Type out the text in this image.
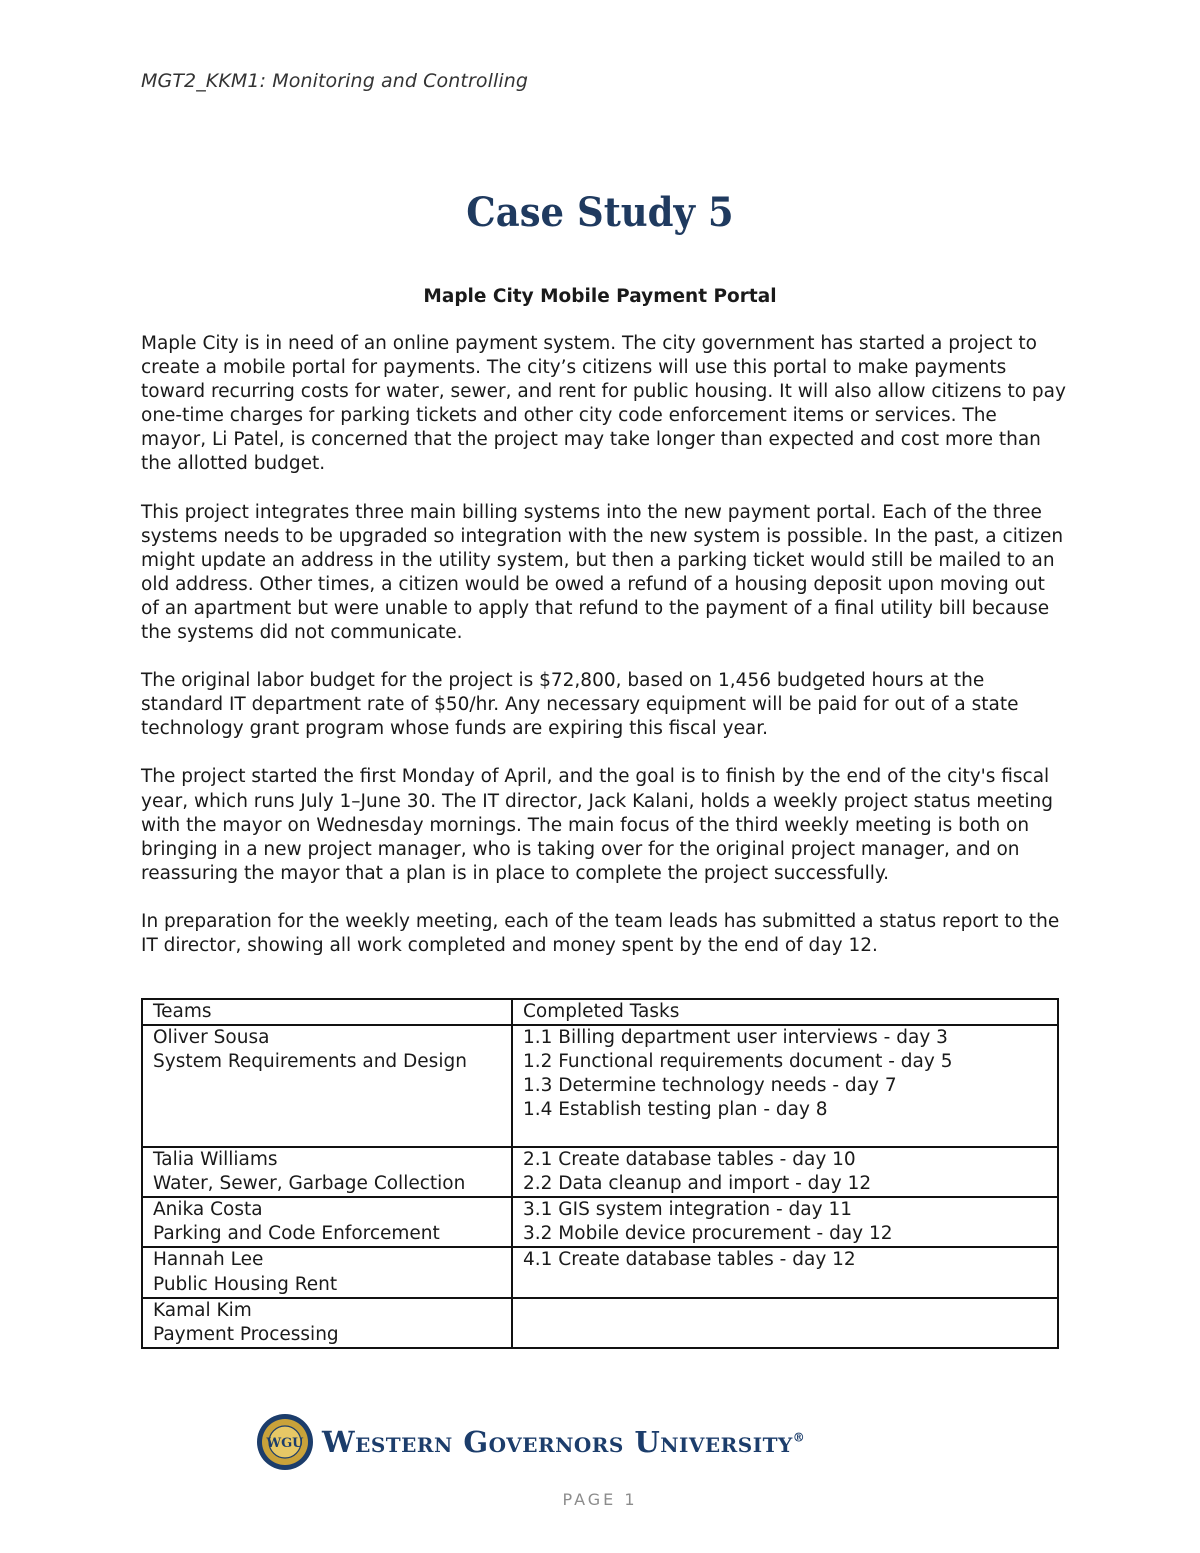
MGT2_KKM1: Monitoring and Controlling
Case Study 5
Maple City Mobile Payment Portal

Maple City is in need of an online payment system. The city government has started a project to create a mobile portal for payments. The city’s citizens will use this portal to make payments toward recurring costs for water, sewer, and rent for public housing. It will also allow citizens to pay one-time charges for parking tickets and other city code enforcement items or services. The mayor, Li Patel, is concerned that the project may take longer than expected and cost more than the allotted budget.

This project integrates three main billing systems into the new payment portal. Each of the three systems needs to be upgraded so integration with the new system is possible. In the past, a citizen might update an address in the utility system, but then a parking ticket would still be mailed to an old address. Other times, a citizen would be owed a refund of a housing deposit upon moving out of an apartment but were unable to apply that refund to the payment of a final utility bill because the systems did not communicate.

The original labor budget for the project is $72,800, based on 1,456 budgeted hours at the standard IT department rate of $50/hr. Any necessary equipment will be paid for out of a state technology grant program whose funds are expiring this fiscal year.

The project started the first Monday of April, and the goal is to finish by the end of the city's fiscal year, which runs July 1–June 30. The IT director, Jack Kalani, holds a weekly project status meeting with the mayor on Wednesday mornings. The main focus of the third weekly meeting is both on bringing in a new project manager, who is taking over for the original project manager, and on reassuring the mayor that a plan is in place to complete the project successfully.

In preparation for the weekly meeting, each of the team leads has submitted a status report to the IT director, showing all work completed and money spent by the end of day 12.

Teams	Completed Tasks

Oliver Sousa
System Requirements and Design	1.1 Billing department user interviews - day 3
1.2 Functional requirements document - day 5
1.3 Determine technology needs - day 7
1.4 Establish testing plan - day 8

Talia Williams
Water, Sewer, Garbage Collection	2.1 Create database tables - day 10
2.2 Data cleanup and import - day 12

Anika Costa
Parking and Code Enforcement	3.1 GIS system integration - day 11
3.2 Mobile device procurement - day 12

Hannah Lee
Public Housing Rent	4.1 Create database tables - day 12

Kamal Kim
Payment Processing	

WGU Western Governors University®
PAGE 1
